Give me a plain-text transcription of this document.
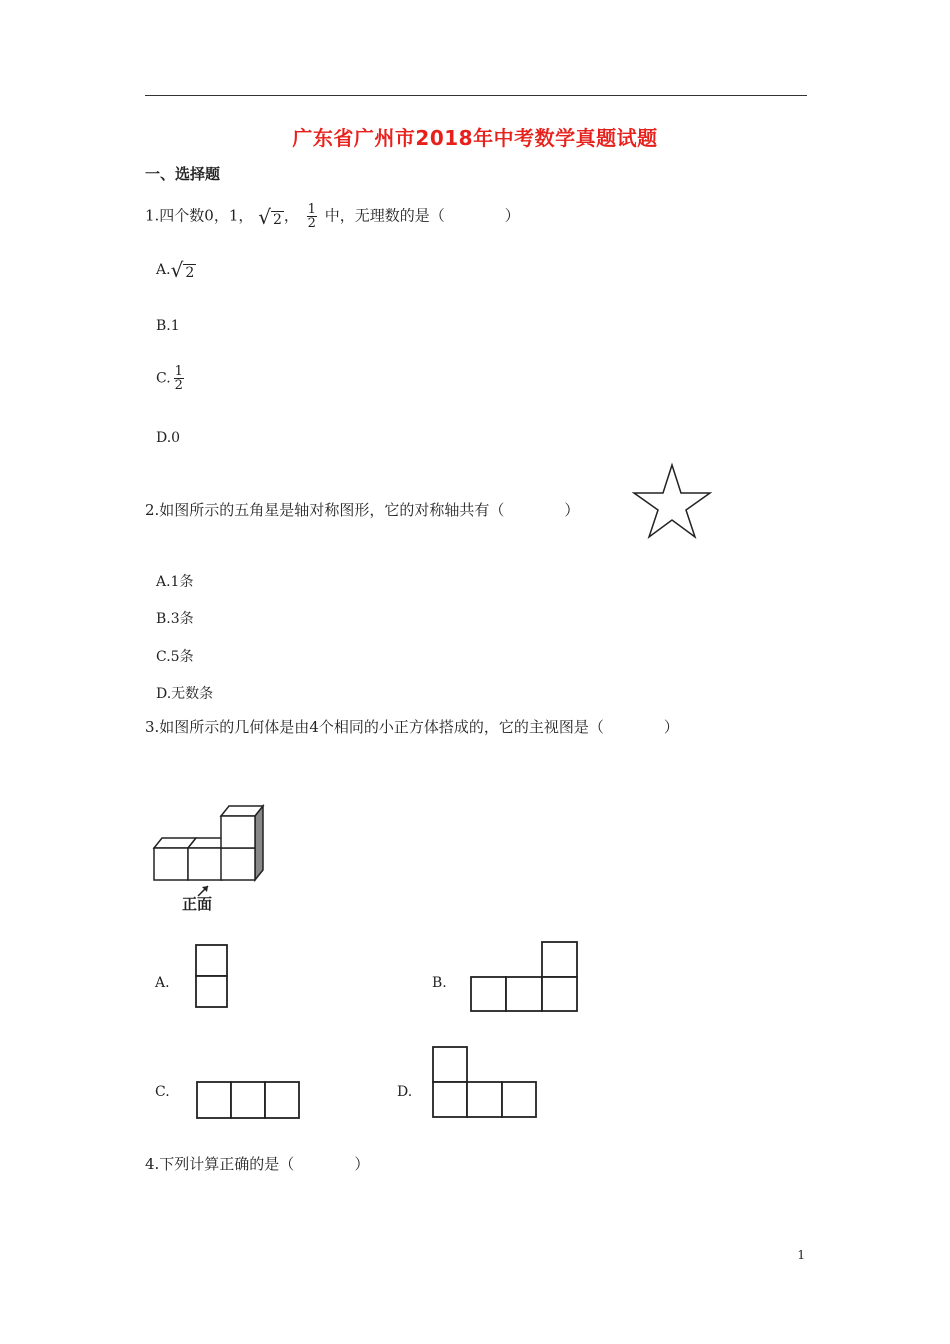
广东省广州市2018年中考数学真题试题
一、选择题
1.四个数0，1， √ 2 ， $\frac{1}{2}$ 中，无理数的是（　　　　）
A.√ 2
B.1
C. $\frac{1}{2}$
D.0
2.如图所示的五角星是轴对称图形，它的对称轴共有（　　　　）
A.1条
B.3条
C.5条
D.无数条
3.如图所示的几何体是由4个相同的小正方体搭成的，它的主视图是（　　　　）
正面
A.	B.
C.	D.
4.下列计算正确的是（　　　　）
1
